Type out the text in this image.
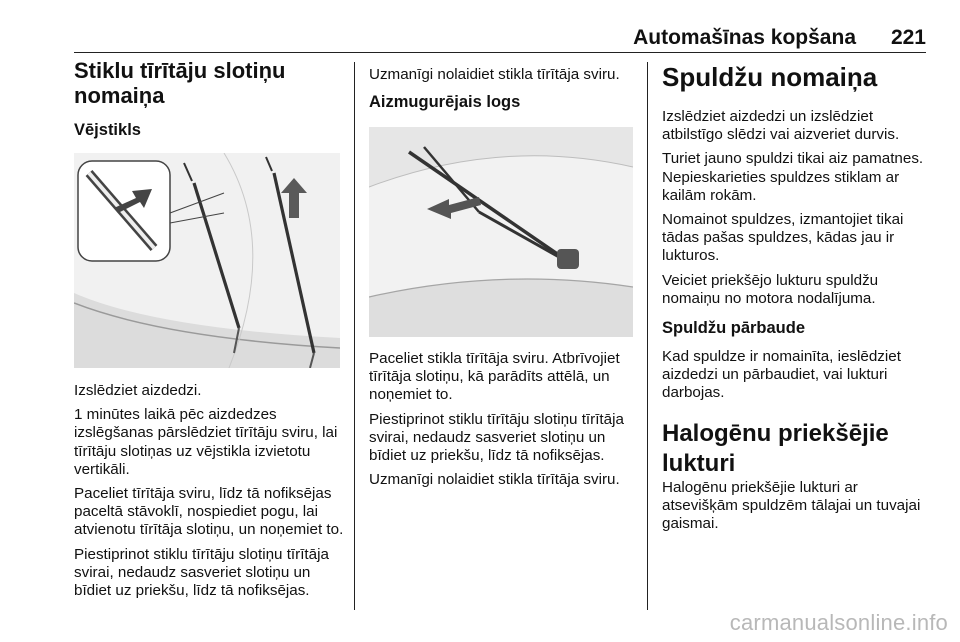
Automašīnas kopšana 221
Stiklu tīrītāju slotiņu nomaiņa
Vējstikls

Izslēdziet aizdedzi.

1 minūtes laikā pēc aizdedzes izslēgšanas pārslēdziet tīrītāju sviru, lai tīrītāju slotiņas uz vējstikla izvietotu vertikāli.

Paceliet tīrītāja sviru, līdz tā nofiksējas paceltā stāvoklī, nospiediet pogu, lai atvienotu tīrītāja slotiņu, un noņemiet to.

Piestiprinot stiklu tīrītāju slotiņu tīrītāja svirai, nedaudz sasveriet slotiņu un bīdiet uz priekšu, līdz tā nofiksējas.

Uzmanīgi nolaidiet stikla tīrītāja sviru.

Aizmugurējais logs

Paceliet stikla tīrītāja sviru. Atbrīvojiet tīrītāja slotiņu, kā parādīts attēlā, un noņemiet to.

Piestiprinot stiklu tīrītāju slotiņu tīrītāja svirai, nedaudz sasveriet slotiņu un bīdiet uz priekšu, līdz tā nofiksējas.

Uzmanīgi nolaidiet stikla tīrītāja sviru.

Spuldžu nomaiņa

Izslēdziet aizdedzi un izslēdziet atbilstīgo slēdzi vai aizveriet durvis.

Turiet jauno spuldzi tikai aiz pamatnes. Nepieskarieties spuldzes stiklam ar kailām rokām.

Nomainot spuldzes, izmantojiet tikai tādas pašas spuldzes, kādas jau ir lukturos.

Veiciet priekšējo lukturu spuldžu nomaiņu no motora nodalījuma.

Spuldžu pārbaude

Kad spuldze ir nomainīta, ieslēdziet aizdedzi un pārbaudiet, vai lukturi darbojas.

Halogēnu priekšējie lukturi

Halogēnu priekšējie lukturi ar atsevišķām spuldzēm tālajai un tuvajai gaismai.

carmanualsonline.info
